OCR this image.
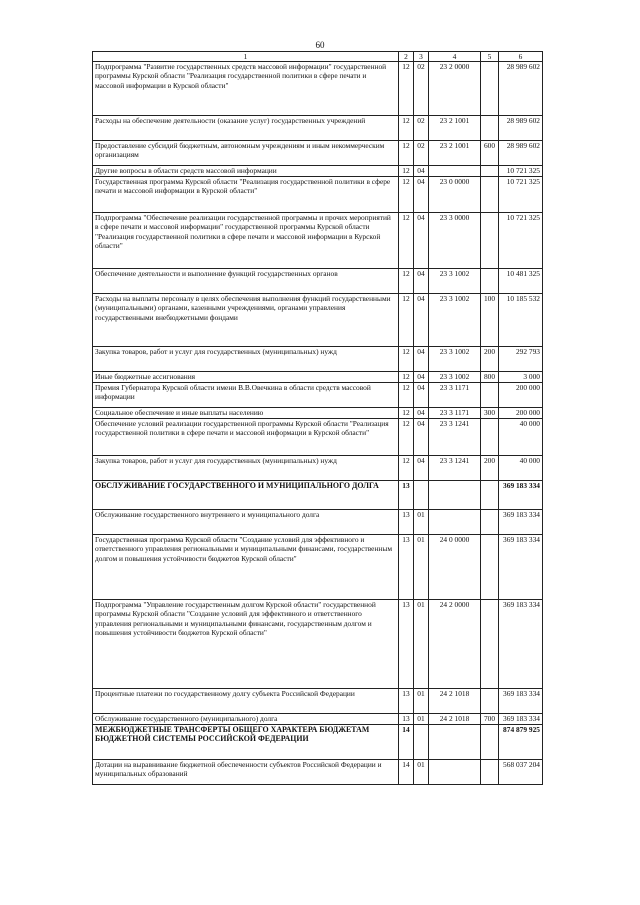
60
1	2	3	4	5	6
Подпрограмма "Развитие государственных средств массовой информации" государственной программы Курской области "Реализация государственной политики в сфере печати и массовой информации в Курской области"	12	02	23 2 0000		28 989 602
Расходы на обеспечение деятельности (оказание услуг) государственных учреждений	12	02	23 2 1001		28 989 602
Предоставление субсидий бюджетным, автономным учреждениям и иным некоммерческим организациям	12	02	23 2 1001	600	28 989 602
Другие вопросы в области средств массовой информации	12	04			10 721 325
Государственная программа Курской области "Реализация государственной политики в сфере печати и массовой информации в Курской области"	12	04	23 0 0000		10 721 325
Подпрограмма "Обеспечение реализации государственной программы и прочих мероприятий в сфере печати и массовой информации" государственной программы Курской области "Реализация государственной политики в сфере печати и массовой информации в Курской области"	12	04	23 3 0000		10 721 325
Обеспечение деятельности и выполнение функций государственных органов	12	04	23 3 1002		10 481 325
Расходы на выплаты персоналу в целях обеспечения выполнения функций государственными (муниципальными) органами, казенными учреждениями, органами управления государственными внебюджетными фондами	12	04	23 3 1002	100	10 185 532
Закупка товаров, работ и услуг для государственных (муниципальных) нужд	12	04	23 3 1002	200	292 793
Иные бюджетные ассигнования	12	04	23 3 1002	800	3 000
Премия Губернатора Курской области имени В.В.Овечкина в области средств массовой информации	12	04	23 3 1171		200 000
Социальное обеспечение и иные выплаты населению	12	04	23 3 1171	300	200 000
Обеспечение условий реализации государственной программы Курской области "Реализация государственной политики в сфере печати и массовой информации в Курской области"	12	04	23 3 1241		40 000
Закупка товаров, работ и услуг для государственных (муниципальных) нужд	12	04	23 3 1241	200	40 000
ОБСЛУЖИВАНИЕ ГОСУДАРСТВЕННОГО И МУНИЦИПАЛЬНОГО ДОЛГА	13				369 183 334
Обслуживание государственного внутреннего и муниципального долга	13	01			369 183 334
Государственная программа Курской области "Создание условий для эффективного и ответственного управления региональными и муниципальными финансами, государственным долгом и повышения устойчивости бюджетов Курской области"	13	01	24 0 0000		369 183 334
Подпрограмма "Управление государственным долгом Курской области" государственной программы Курской области "Создание условий для эффективного и ответственного управления региональными и муниципальными финансами, государственным долгом и повышения устойчивости бюджетов Курской области"	13	01	24 2 0000		369 183 334
Процентные платежи по государственному долгу субъекта Российской Федерации	13	01	24 2 1018		369 183 334
Обслуживание государственного (муниципального) долга	13	01	24 2 1018	700	369 183 334
МЕЖБЮДЖЕТНЫЕ ТРАНСФЕРТЫ ОБЩЕГО ХАРАКТЕРА БЮДЖЕТАМ БЮДЖЕТНОЙ СИСТЕМЫ РОССИЙСКОЙ ФЕДЕРАЦИИ	14				874 879 925
Дотации на выравнивание бюджетной обеспеченности субъектов Российской Федерации и муниципальных образований	14	01			568 037 204
